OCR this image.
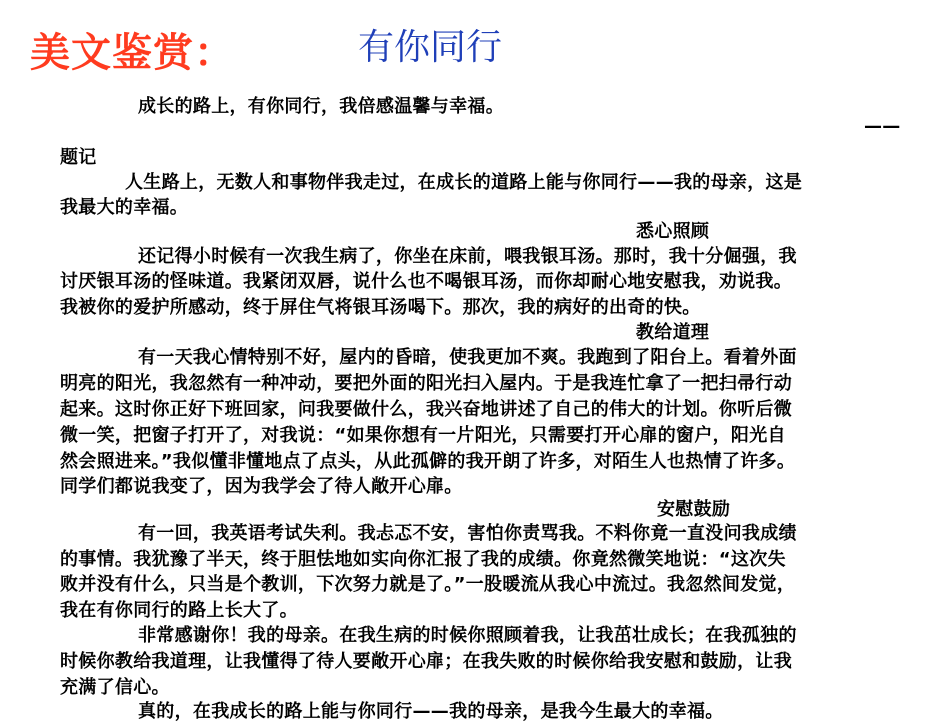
美文鉴赏：	有你同行
成长的路上，有你同行，我倍感温馨与幸福。
——
题记
人生路上，无数人和事物伴我走过，在成长的道路上能与你同行——我的母亲，这是
我最大的幸福。
悉心照顾
还记得小时候有一次我生病了，你坐在床前，喂我银耳汤。那时，我十分倔强，我
讨厌银耳汤的怪味道。我紧闭双唇，说什么也不喝银耳汤，而你却耐心地安慰我，劝说我。
我被你的爱护所感动，终于屏住气将银耳汤喝下。那次，我的病好的出奇的快。
教给道理
有一天我心情特别不好，屋内的昏暗，使我更加不爽。我跑到了阳台上。看着外面
明亮的阳光，我忽然有一种冲动，要把外面的阳光扫入屋内。于是我连忙拿了一把扫帚行动
起来。这时你正好下班回家，问我要做什么，我兴奋地讲述了自己的伟大的计划。你听后微
微一笑，把窗子打开了，对我说：“如果你想有一片阳光，只需要打开心扉的窗户，阳光自
然会照进来。”我似懂非懂地点了点头，从此孤僻的我开朗了许多，对陌生人也热情了许多。
同学们都说我变了，因为我学会了待人敞开心扉。
安慰鼓励
有一回，我英语考试失利。我忐忑不安，害怕你责骂我。不料你竟一直没问我成绩
的事情。我犹豫了半天，终于胆怯地如实向你汇报了我的成绩。你竟然微笑地说：“这次失
败并没有什么，只当是个教训，下次努力就是了。”一股暖流从我心中流过。我忽然间发觉，
我在有你同行的路上长大了。
非常感谢你！我的母亲。在我生病的时候你照顾着我，让我茁壮成长；在我孤独的
时候你教给我道理，让我懂得了待人要敞开心扉；在我失败的时候你给我安慰和鼓励，让我
充满了信心。
真的，在我成长的路上能与你同行——我的母亲，是我今生最大的幸福。
